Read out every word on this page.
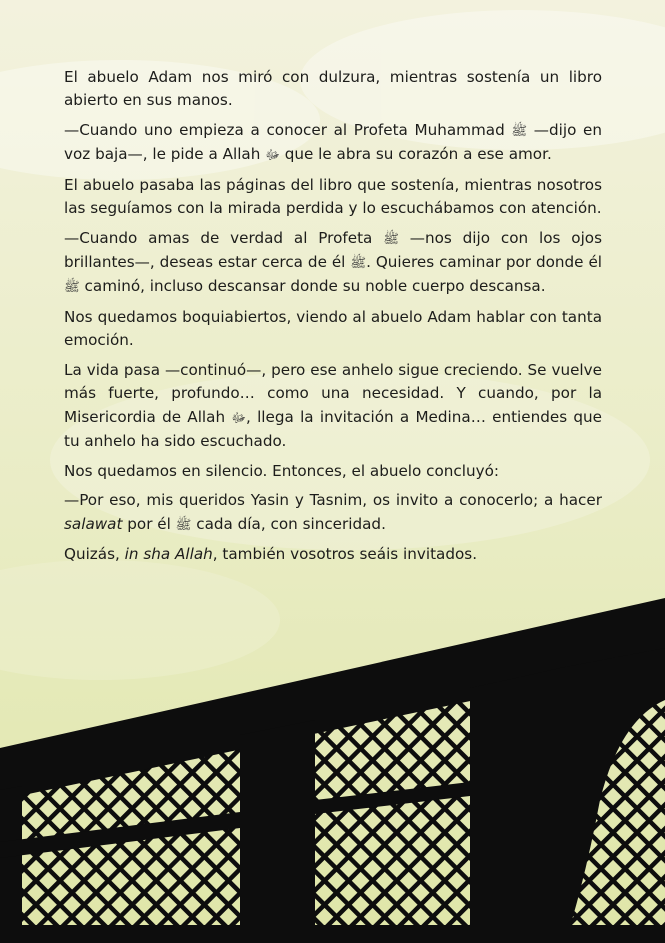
El abuelo Adam nos miró con dulzura, mientras sostenía un libro abierto en sus manos.

—Cuando uno empieza a conocer al Profeta Muhammad ﷺ —dijo en voz baja—, le pide a Allah ﷻ que le abra su corazón a ese amor.

El abuelo pasaba las páginas del libro que sostenía, mientras nosotros las seguíamos con la mirada perdida y lo escuchábamos con atención.

—Cuando amas de verdad al Profeta ﷺ —nos dijo con los ojos brillantes—, deseas estar cerca de él ﷺ. Quieres caminar por donde él ﷺ caminó, incluso descansar donde su noble cuerpo descansa.

Nos quedamos boquiabiertos, viendo al abuelo Adam hablar con tanta emoción.

La vida pasa —continuó—, pero ese anhelo sigue creciendo. Se vuelve más fuerte, profundo… como una necesidad. Y cuando, por la Misericordia de Allah ﷻ, llega la invitación a Medina… entiendes que tu anhelo ha sido escuchado.

Nos quedamos en silencio. Entonces, el abuelo concluyó:

—Por eso, mis queridos Yasin y Tasnim, os invito a conocerlo; a hacer salawat por él ﷺ cada día, con sinceridad.

Quizás, in sha Allah, también vosotros seáis invitados.
